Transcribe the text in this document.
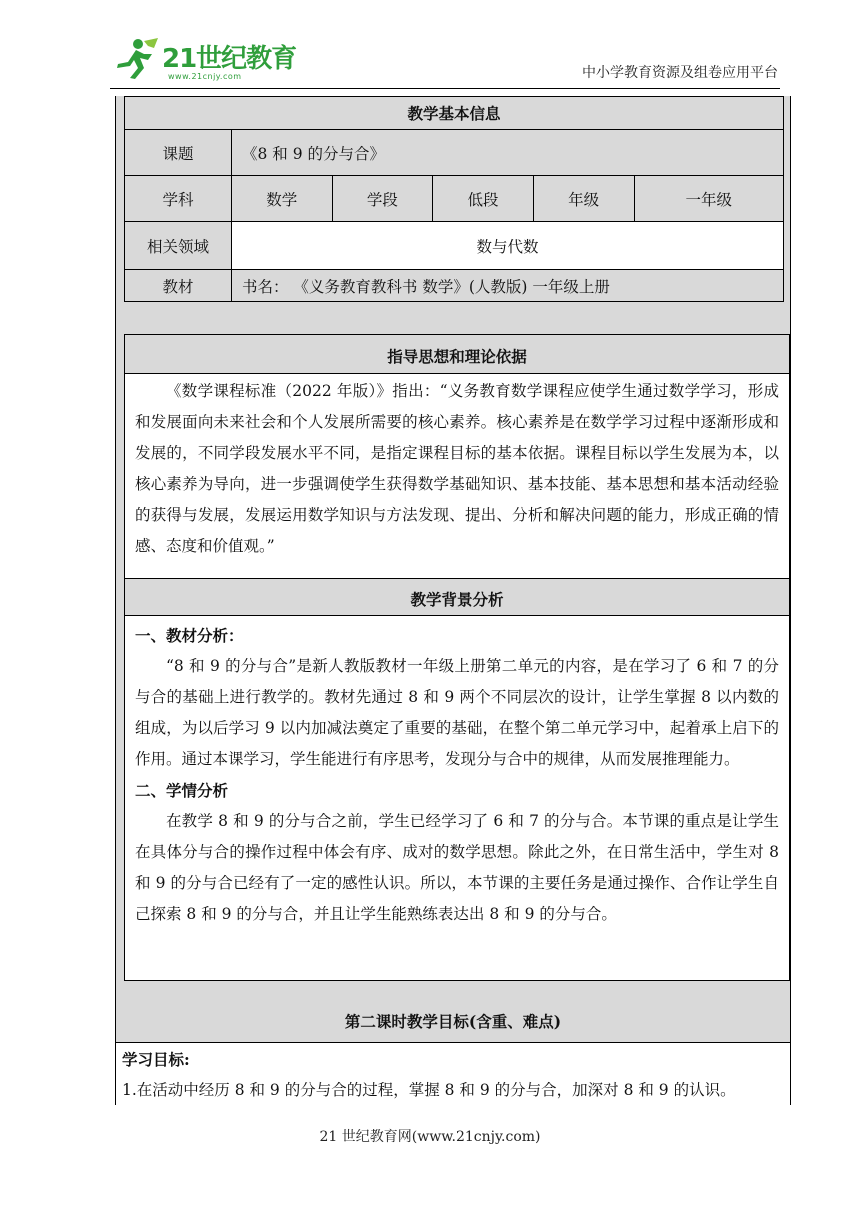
21世纪教育
www.21cnjy.com	中小学教育资源及组卷应用平台
教学基本信息					
课题	《8 和 9 的分与合》				
学科	数学	学段	低段	年级	一年级
相关领域	数与代数				
教材	书名： 《义务教育教科书 数学》(人教版) 一年级上册				
指导思想和理论依据

《数学课程标准（2022 年版）》指出：“义务教育数学课程应使学生通过数学学习，形成和发展面向未来社会和个人发展所需要的核心素养。核心素养是在数学学习过程中逐渐形成和发展的，不同学段发展水平不同，是指定课程目标的基本依据。课程目标以学生发展为本，以核心素养为导向，进一步强调使学生获得数学基础知识、基本技能、基本思想和基本活动经验的获得与发展，发展运用数学知识与方法发现、提出、分析和解决问题的能力，形成正确的情感、态度和价值观。”

教学背景分析

一、教材分析：

“8 和 9 的分与合”是新人教版教材一年级上册第二单元的内容，是在学习了 6 和 7 的分与合的基础上进行教学的。教材先通过 8 和 9 两个不同层次的设计，让学生掌握 8 以内数的组成，为以后学习 9 以内加减法奠定了重要的基础，在整个第二单元学习中，起着承上启下的作用。通过本课学习，学生能进行有序思考，发现分与合中的规律，从而发展推理能力。

二、学情分析

在教学 8 和 9 的分与合之前，学生已经学习了 6 和 7 的分与合。本节课的重点是让学生在具体分与合的操作过程中体会有序、成对的数学思想。除此之外，在日常生活中，学生对 8 和 9 的分与合已经有了一定的感性认识。所以，本节课的主要任务是通过操作、合作让学生自己探索 8 和 9 的分与合，并且让学生能熟练表达出 8 和 9 的分与合。

第二课时教学目标(含重、难点)
学习目标:
1.在活动中经历 8 和 9 的分与合的过程，掌握 8 和 9 的分与合，加深对 8 和 9 的认识。
21 世纪教育网(www.21cnjy.com)
